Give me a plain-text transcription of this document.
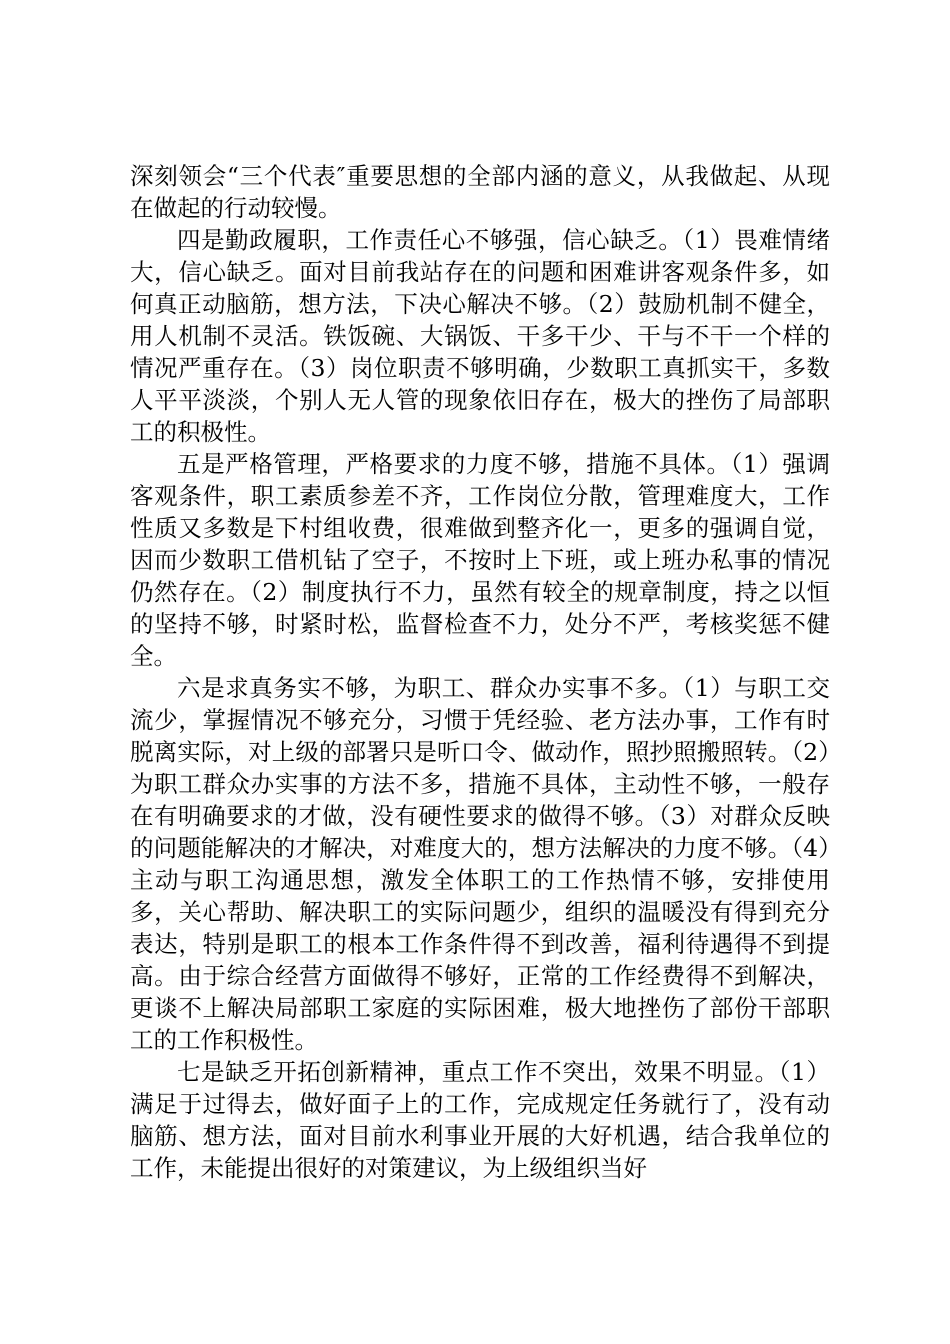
深刻领会“三个代表″重要思想的全部内涵的意义，从我做起、从现在做起的行动较慢。

四是勤政履职，工作责任心不够强，信心缺乏。（1）畏难情绪大，信心缺乏。面对目前我站存在的问题和困难讲客观条件多，如何真正动脑筋，想方法，下决心解决不够。（2）鼓励机制不健全，用人机制不灵活。铁饭碗、大锅饭、干多干少、干与不干一个样的情况严重存在。（3）岗位职责不够明确，少数职工真抓实干，多数人平平淡淡，个别人无人管的现象依旧存在，极大的挫伤了局部职工的积极性。

五是严格管理，严格要求的力度不够，措施不具体。（1）强调客观条件，职工素质参差不齐，工作岗位分散，管理难度大，工作性质又多数是下村组收费，很难做到整齐化一，更多的强调自觉，因而少数职工借机钻了空子，不按时上下班，或上班办私事的情况仍然存在。（2）制度执行不力，虽然有较全的规章制度，持之以恒的坚持不够，时紧时松，监督检查不力，处分不严，考核奖惩不健全。

六是求真务实不够，为职工、群众办实事不多。（1）与职工交流少，掌握情况不够充分，习惯于凭经验、老方法办事，工作有时脱离实际，对上级的部署只是听口令、做动作，照抄照搬照转。（2）为职工群众办实事的方法不多，措施不具体，主动性不够，一般存在有明确要求的才做，没有硬性要求的做得不够。（3）对群众反映的问题能解决的才解决，对难度大的，想方法解决的力度不够。（4）主动与职工沟通思想，激发全体职工的工作热情不够，安排使用多，关心帮助、解决职工的实际问题少，组织的温暖没有得到充分表达，特别是职工的根本工作条件得不到改善，福利待遇得不到提高。由于综合经营方面做得不够好，正常的工作经费得不到解决，更谈不上解决局部职工家庭的实际困难，极大地挫伤了部份干部职工的工作积极性。

七是缺乏开拓创新精神，重点工作不突出，效果不明显。（1）满足于过得去，做好面子上的工作，完成规定任务就行了，没有动脑筋、想方法，面对目前水利事业开展的大好机遇，结合我单位的工作，未能提出很好的对策建议，为上级组织当好
